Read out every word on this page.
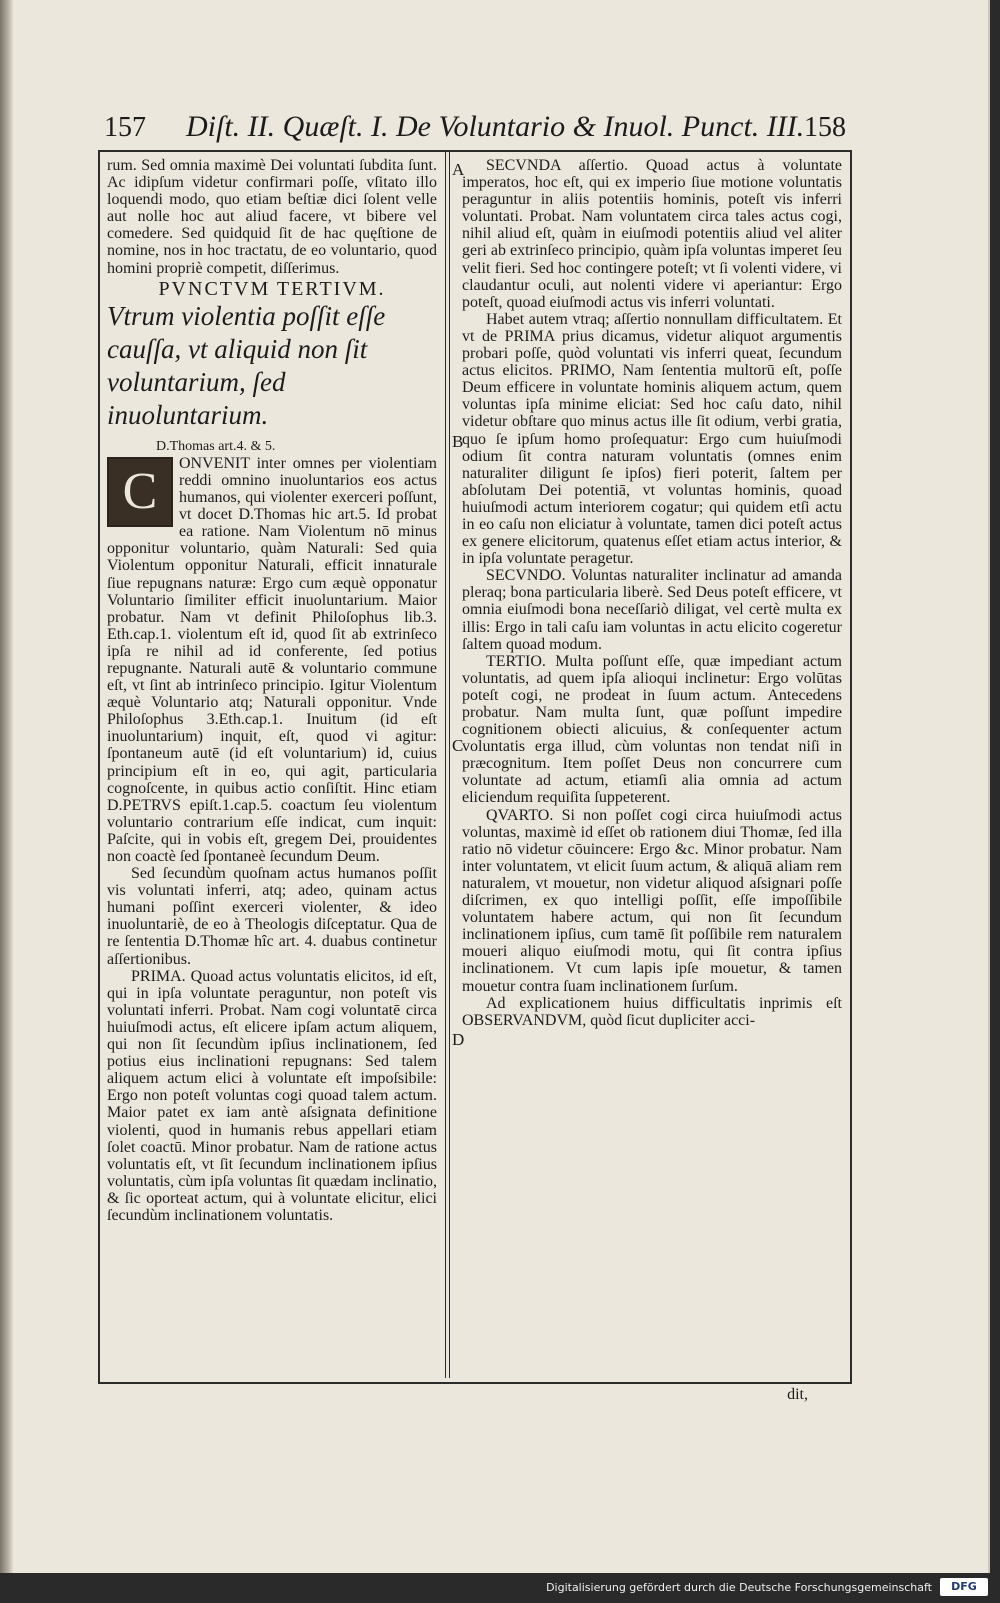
157 Diſt. II. Quæſt. I. De Voluntario & Inuol. Punct. III. 158

rum. Sed omnia maximè Dei voluntati ſubdita ſunt. Ac idipſum videtur confirmari poſſe, vſitato illo loquendi modo, quo etiam beſtiæ dici ſolent velle aut nolle hoc aut aliud facere, vt bibere vel comedere. Sed quidquid ſit de hac quęſtione de nomine, nos in hoc tractatu, de eo voluntario, quod homini propriè competit, diſſerimus.

PVNCTVM TERTIVM.

Vtrum violentia poſſit eſſe cauſſa, vt aliquid non ſit voluntarium, ſed inuoluntarium.

D.Thomas art.4. & 5.

C	ONVENIT inter omnes per violentiam reddi omnino inuoluntarios eos actus humanos, qui violenter exerceri poſſunt, vt docet D.Thomas hic art.5. Id probat ea ratione. Nam Violentum nō minus opponitur voluntario, quàm Naturali: Sed quia Violentum opponitur Naturali, efficit innaturale ſiue repugnans naturæ: Ergo cum æquè opponatur Voluntario ſimiliter efficit inuoluntarium. Maior probatur. Nam vt definit Philoſophus lib.3. Eth.cap.1. violentum eſt id, quod ſit ab extrinſeco ipſa re nihil ad id conferente, ſed potius repugnante. Naturali autē & voluntario commune eſt, vt ſint ab intrinſeco principio. Igitur Violentum æquè Voluntario atq; Naturali opponitur. Vnde Philoſophus 3.Eth.cap.1. Inuitum (id eſt inuoluntarium) inquit, eſt, quod vi agitur: ſpontaneum autē (id eſt voluntarium) id, cuius principium eſt in eo, qui agit, particularia cognoſcente, in quibus actio conſiſtit. Hinc etiam D.PETRVS epiſt.1.cap.5. coactum ſeu violentum voluntario contrarium eſſe indicat, cum inquit: Paſcite, qui in vobis eſt, gregem Dei, prouidentes non coactè ſed ſpontaneè ſecundum Deum.

Sed ſecundùm quoſnam actus humanos poſſit vis voluntati inferri, atq; adeo, quinam actus humani poſſint exerceri violenter, & ideo inuoluntariè, de eo à Theologis diſceptatur. Qua de re ſententia D.Thomæ hîc art. 4. duabus continetur aſſertionibus.

PRIMA. Quoad actus voluntatis elicitos, id eſt, qui in ipſa voluntate peraguntur, non poteſt vis voluntati inferri. Probat. Nam cogi voluntatē circa huiuſmodi actus, eſt elicere ipſam actum aliquem, qui non ſit ſecundùm ipſius inclinationem, ſed potius eius inclinationi repugnans: Sed talem aliquem actum elici à voluntate eſt impoſsibile: Ergo non poteſt voluntas cogi quoad talem actum. Maior patet ex iam antè aſsignata definitione violenti, quod in humanis rebus appellari etiam ſolet coactū. Minor probatur. Nam de ratione actus voluntatis eſt, vt ſit ſecundum inclinationem ipſius voluntatis, cùm ipſa voluntas ſit quædam inclinatio, & ſic oporteat actum, qui à voluntate elicitur, elici ſecundùm inclinationem voluntatis.

SECVNDA aſſertio. Quoad actus à voluntate imperatos, hoc eſt, qui ex imperio ſiue motione voluntatis peraguntur in aliis potentiis hominis, poteſt vis inferri voluntati. Probat. Nam voluntatem circa tales actus cogi, nihil aliud eſt, quàm in eiuſmodi potentiis aliud vel aliter geri ab extrinſeco principio, quàm ipſa voluntas imperet ſeu velit fieri. Sed hoc contingere poteſt; vt ſi volenti videre, vi claudantur oculi, aut nolenti videre vi aperiantur: Ergo poteſt, quoad eiuſmodi actus vis inferri voluntati.

Habet autem vtraq; aſſertio nonnullam difficultatem. Et vt de PRIMA prius dicamus, videtur aliquot argumentis probari poſſe, quòd voluntati vis inferri queat, ſecundum actus elicitos. PRIMO, Nam ſententia multorū eſt, poſſe Deum efficere in voluntate hominis aliquem actum, quem voluntas ipſa minime eliciat: Sed hoc caſu dato, nihil videtur obſtare quo minus actus ille ſit odium, verbi gratia, quo ſe ipſum homo proſequatur: Ergo cum huiuſmodi odium ſit contra naturam voluntatis (omnes enim naturaliter diligunt ſe ipſos) fieri poterit, ſaltem per abſolutam Dei potentiā, vt voluntas hominis, quoad huiuſmodi actum interiorem cogatur; qui quidem etſi actu in eo caſu non eliciatur à voluntate, tamen dici poteſt actus ex genere elicitorum, quatenus eſſet etiam actus interior, & in ipſa voluntate peragetur.

SECVNDO. Voluntas naturaliter inclinatur ad amanda pleraq; bona particularia liberè. Sed Deus poteſt efficere, vt omnia eiuſmodi bona neceſſariò diligat, vel certè multa ex illis: Ergo in tali caſu iam voluntas in actu elicito cogeretur ſaltem quoad modum.

TERTIO. Multa poſſunt eſſe, quæ impediant actum voluntatis, ad quem ipſa alioqui inclinetur: Ergo volūtas poteſt cogi, ne prodeat in ſuum actum. Antecedens probatur. Nam multa ſunt, quæ poſſunt impedire cognitionem obiecti alicuius, & conſequenter actum voluntatis erga illud, cùm voluntas non tendat niſi in præcognitum. Item poſſet Deus non concurrere cum voluntate ad actum, etiamſi alia omnia ad actum eliciendum requiſita ſuppeterent.

QVARTO. Si non poſſet cogi circa huiuſmodi actus voluntas, maximè id eſſet ob rationem diui Thomæ, ſed illa ratio nō videtur cōuincere: Ergo &c. Minor probatur. Nam inter voluntatem, vt elicit ſuum actum, & aliquā aliam rem naturalem, vt mouetur, non videtur aliquod aſsignari poſſe diſcrimen, ex quo intelligi poſſit, eſſe impoſſibile voluntatem habere actum, qui non ſit ſecundum inclinationem ipſius, cum tamē ſit poſſibile rem naturalem moueri aliquo eiuſmodi motu, qui ſit contra ipſius inclinationem. Vt cum lapis ipſe mouetur, & tamen mouetur contra ſuam inclinationem ſurſum.

Ad explicationem huius difficultatis inprimis eſt OBSERVANDVM, quòd ſicut dupliciter acci-

A
B
C
D
dit,
Digitalisierung gefördert durch die Deutsche Forschungsgemeinschaft	DFG
